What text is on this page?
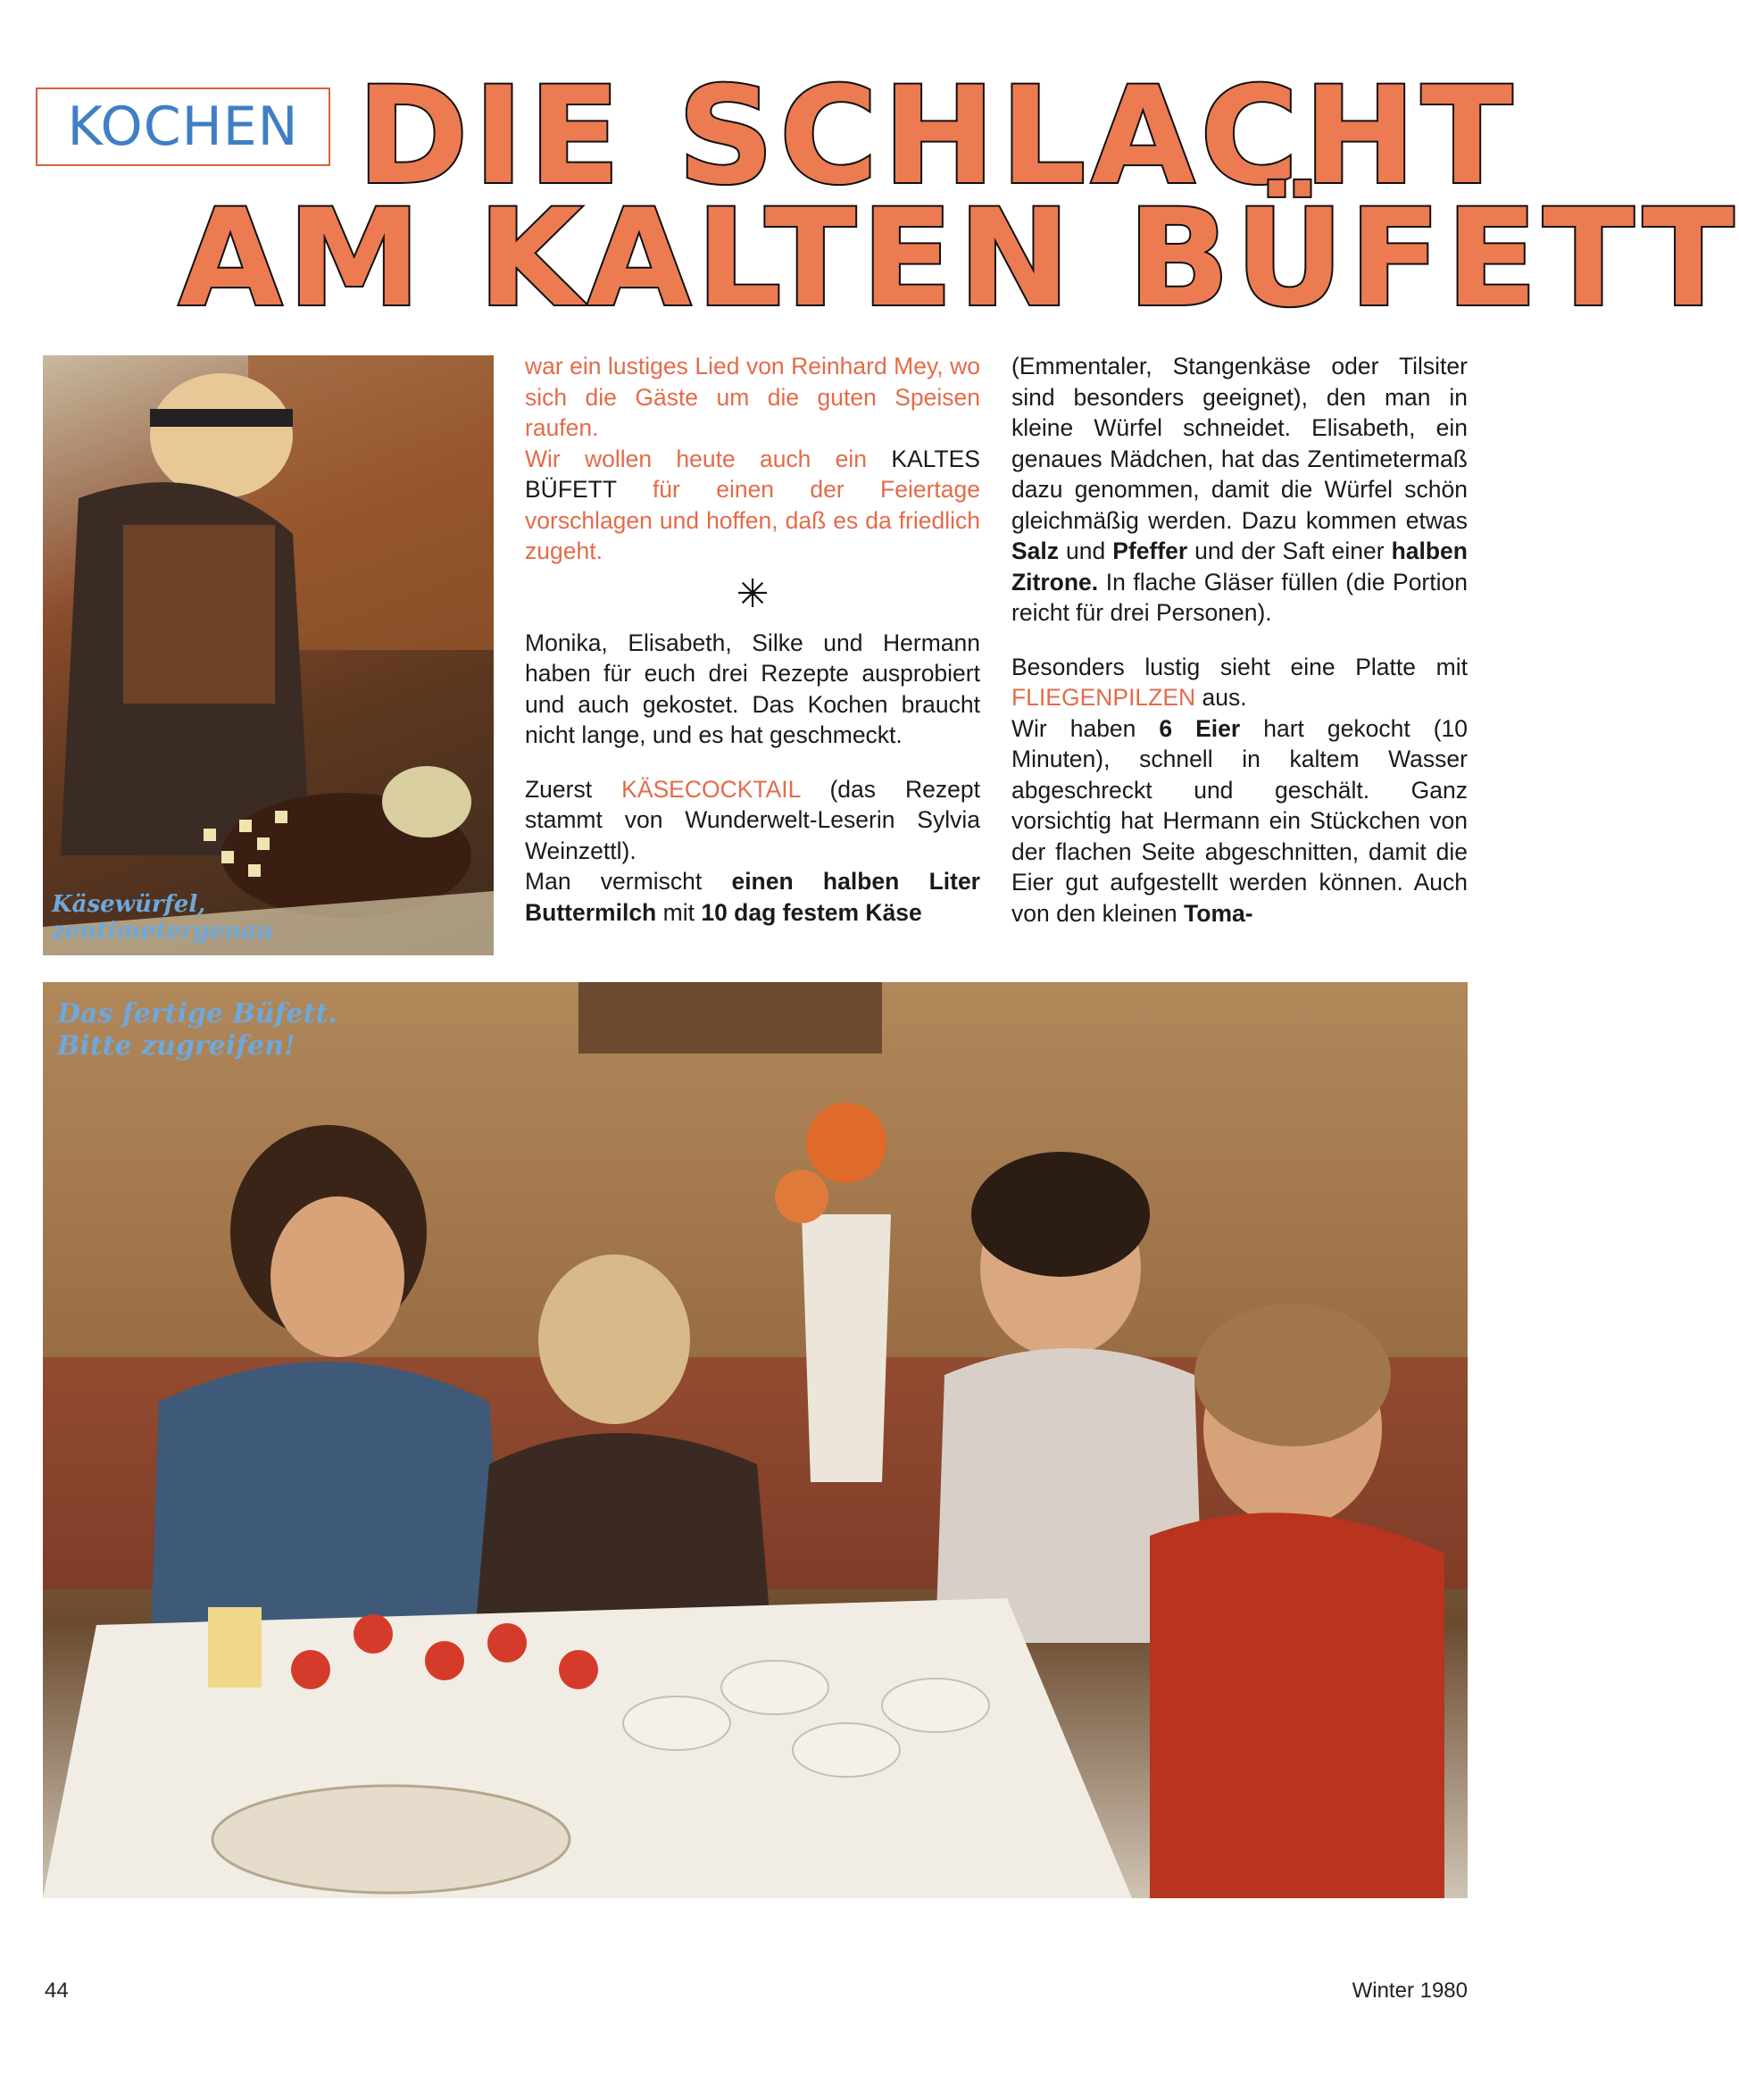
KOCHEN DIE SCHLACHT
AM KALTEN BÜFETT
Käsewürfel,
zentimetergenau

war ein lustiges Lied von Reinhard Mey, wo sich die Gäste um die guten Speisen raufen.

Wir wollen heute auch ein KALTES BÜFETT für einen der Feiertage vorschlagen und hoffen, daß es da friedlich zugeht.

✳

Monika, Elisabeth, Silke und Hermann haben für euch drei Rezepte ausprobiert und auch gekostet. Das Kochen braucht nicht lange, und es hat geschmeckt.

Zuerst KÄSECOCKTAIL (das Rezept stammt von Wunderwelt-Leserin Sylvia Weinzettl).

Man vermischt einen halben Liter Buttermilch mit 10 dag festem Käse

(Emmentaler, Stangenkäse oder Tilsiter sind besonders geeignet), den man in kleine Würfel schneidet. Elisabeth, ein genaues Mädchen, hat das Zentimetermaß dazu genommen, damit die Würfel schön gleichmäßig werden. Dazu kommen etwas Salz und Pfeffer und der Saft einer halben Zitrone. In flache Gläser füllen (die Portion reicht für drei Personen).

Besonders lustig sieht eine Platte mit FLIEGENPILZEN aus.

Wir haben 6 Eier hart gekocht (10 Minuten), schnell in kaltem Wasser abgeschreckt und geschält. Ganz vorsichtig hat Hermann ein Stückchen von der flachen Seite abgeschnitten, damit die Eier gut aufgestellt werden können. Auch von den kleinen Toma-

Das fertige Büfett.
Bitte zugreifen!
44	Winter 1980
